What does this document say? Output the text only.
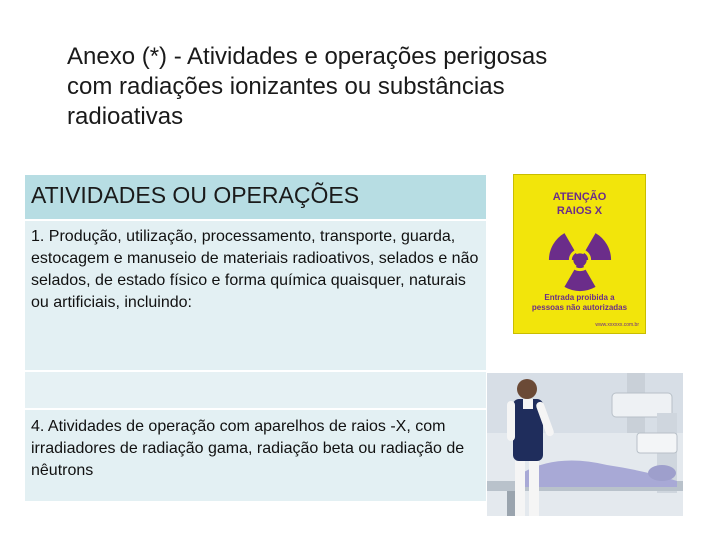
Anexo (*) - Atividades e operações perigosas
com radiações ionizantes ou substâncias
radioativas
ATIVIDADES OU OPERAÇÕES
1. Produção, utilização, processamento, transporte, guarda, estocagem e manuseio de materiais radioativos, selados e não selados, de estado físico e forma química quaisquer, naturais ou artificiais, incluindo:
4. Atividades de operação com aparelhos de raios -X, com irradiadores de radiação gama, radiação beta ou radiação de nêutrons
ATENÇÃO
RAIOS X
Entrada proibida a
pessoas não autorizadas
www.xxxxxx.com.br
